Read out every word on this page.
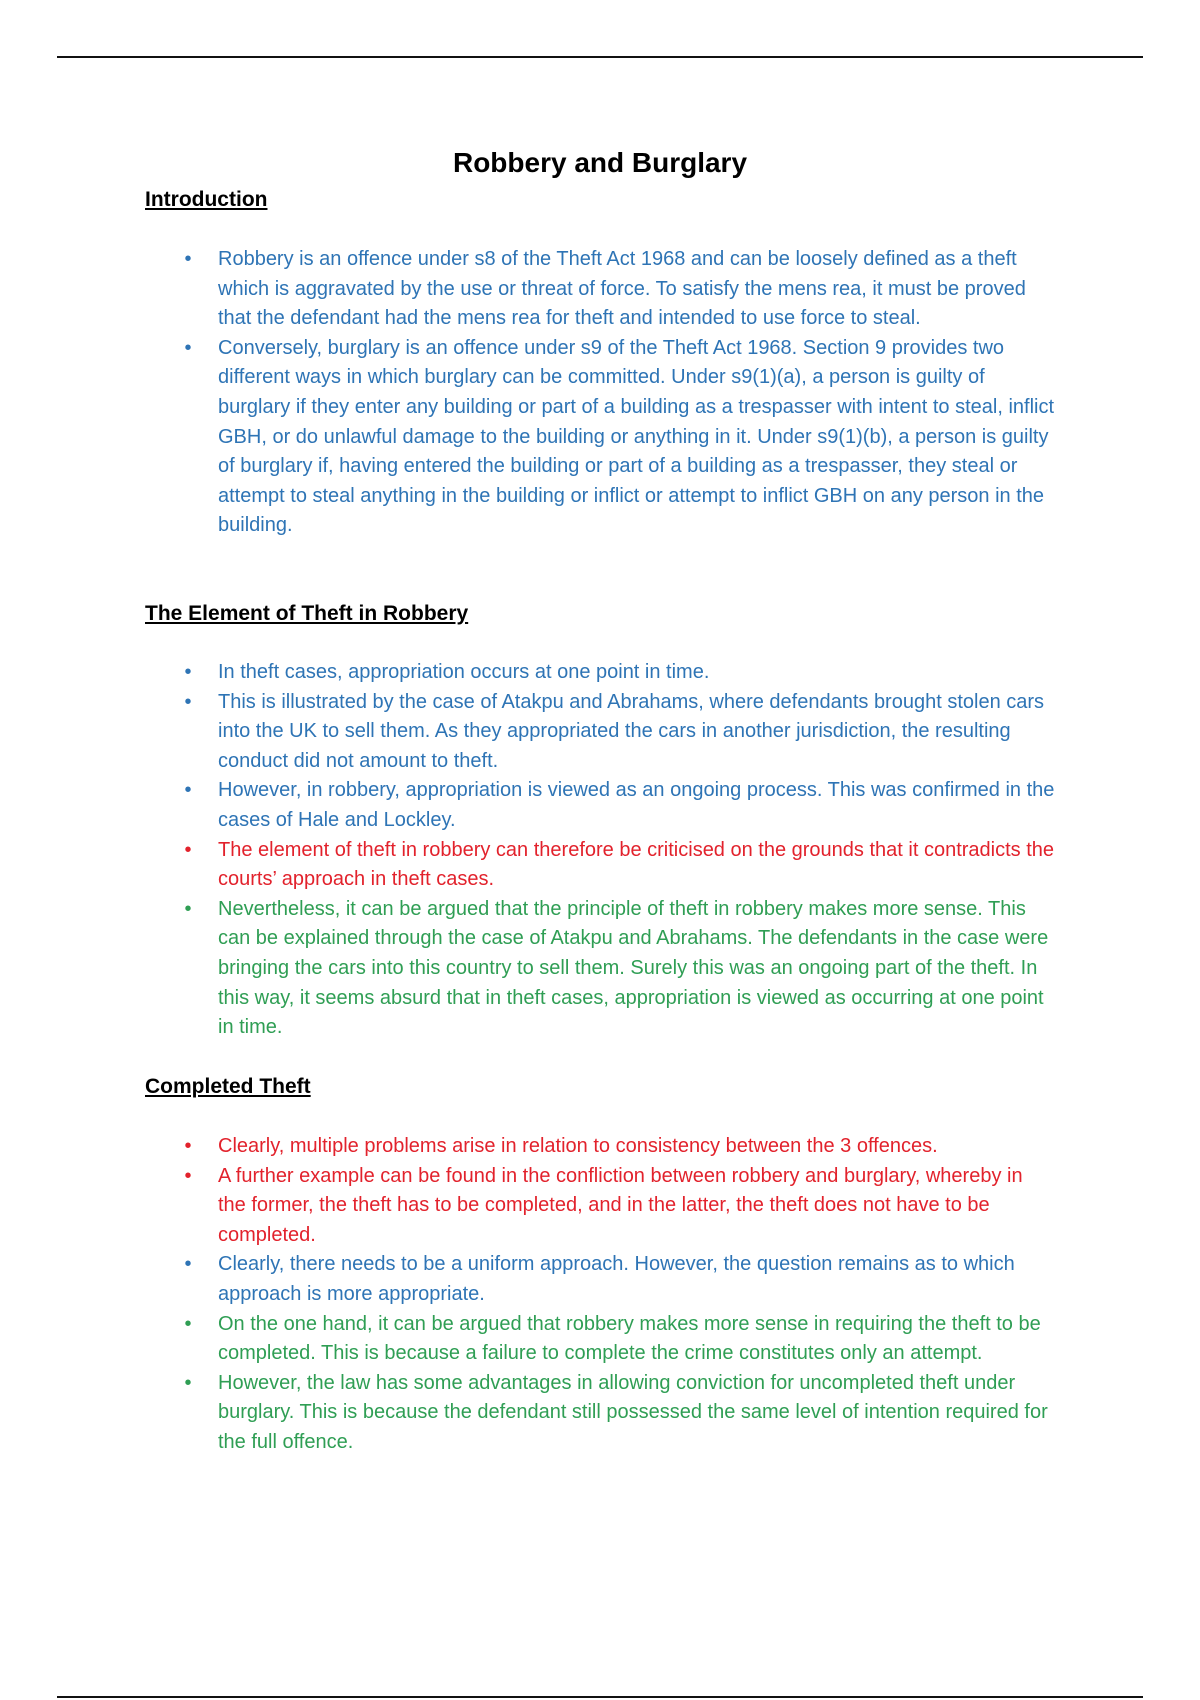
Robbery and Burglary
Introduction
• Robbery is an offence under s8 of the Theft Act 1968 and can be loosely defined as a theft which is aggravated by the use or threat of force. To satisfy the mens rea, it must be proved that the defendant had the mens rea for theft and intended to use force to steal.
• Conversely, burglary is an offence under s9 of the Theft Act 1968. Section 9 provides two different ways in which burglary can be committed. Under s9(1)(a), a person is guilty of burglary if they enter any building or part of a building as a trespasser with intent to steal, inflict GBH, or do unlawful damage to the building or anything in it. Under s9(1)(b), a person is guilty of burglary if, having entered the building or part of a building as a trespasser, they steal or attempt to steal anything in the building or inflict or attempt to inflict GBH on any person in the building.
The Element of Theft in Robbery
• In theft cases, appropriation occurs at one point in time.
• This is illustrated by the case of Atakpu and Abrahams, where defendants brought stolen cars into the UK to sell them. As they appropriated the cars in another jurisdiction, the resulting conduct did not amount to theft.
• However, in robbery, appropriation is viewed as an ongoing process. This was confirmed in the cases of Hale and Lockley.
• The element of theft in robbery can therefore be criticised on the grounds that it contradicts the courts’ approach in theft cases.
• Nevertheless, it can be argued that the principle of theft in robbery makes more sense. This can be explained through the case of Atakpu and Abrahams. The defendants in the case were bringing the cars into this country to sell them. Surely this was an ongoing part of the theft. In this way, it seems absurd that in theft cases, appropriation is viewed as occurring at one point in time.
Completed Theft
• Clearly, multiple problems arise in relation to consistency between the 3 offences.
• A further example can be found in the confliction between robbery and burglary, whereby in the former, the theft has to be completed, and in the latter, the theft does not have to be completed.
• Clearly, there needs to be a uniform approach. However, the question remains as to which approach is more appropriate.
• On the one hand, it can be argued that robbery makes more sense in requiring the theft to be completed. This is because a failure to complete the crime constitutes only an attempt.
• However, the law has some advantages in allowing conviction for uncompleted theft under burglary. This is because the defendant still possessed the same level of intention required for the full offence.
